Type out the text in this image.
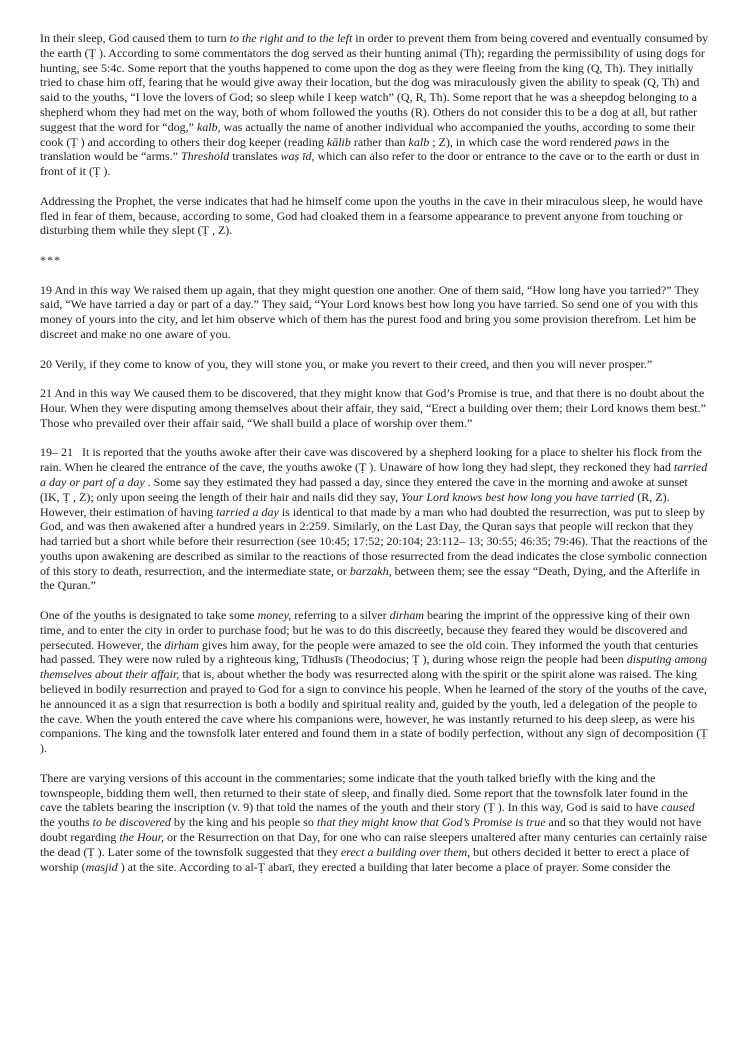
In their sleep, God caused them to turn to the right and to the left in order to prevent them from being covered and eventually consumed by the earth (Ṭ ). According to some commentators the dog served as their hunting animal (Th); regarding the permissibility of using dogs for hunting, see 5:4c. Some report that the youths happened to come upon the dog as they were fleeing from the king (Q, Th). They initially tried to chase him off, fearing that he would give away their location, but the dog was miraculously given the ability to speak (Q, Th) and said to the youths, “I love the lovers of God; so sleep while I keep watch” (Q, R, Th). Some report that he was a sheepdog belonging to a shepherd whom they had met on the way, both of whom followed the youths (R). Others do not consider this to be a dog at all, but rather suggest that the word for “dog,” kalb, was actually the name of another individual who accompanied the youths, according to some their cook (Ṭ ) and according to others their dog keeper (reading kālib rather than kalb ; Z), in which case the word rendered paws in the translation would be “arms.” Threshold translates waṣ īd, which can also refer to the door or entrance to the cave or to the earth or dust in front of it (Ṭ ).

Addressing the Prophet, the verse indicates that had he himself come upon the youths in the cave in their miraculous sleep, he would have fled in fear of them, because, according to some, God had cloaked them in a fearsome appearance to prevent anyone from touching or disturbing them while they slept (Ṭ , Z).

***

19 And in this way We raised them up again, that they might question one another. One of them said, “How long have you tarried?” They said, “We have tarried a day or part of a day.” They said, “Your Lord knows best how long you have tarried. So send one of you with this money of yours into the city, and let him observe which of them has the purest food and bring you some provision therefrom. Let him be discreet and make no one aware of you.

20 Verily, if they come to know of you, they will stone you, or make you revert to their creed, and then you will never prosper.”

21 And in this way We caused them to be discovered, that they might know that God’s Promise is true, and that there is no doubt about the Hour. When they were disputing among themselves about their affair, they said, “Erect a building over them; their Lord knows them best.” Those who prevailed over their affair said, “We shall build a place of worship over them.”

19– 21   It is reported that the youths awoke after their cave was discovered by a shepherd looking for a place to shelter his flock from the rain. When he cleared the entrance of the cave, the youths awoke (Ṭ ). Unaware of how long they had slept, they reckoned they had tarried a day or part of a day . Some say they estimated they had passed a day, since they entered the cave in the morning and awoke at sunset (IK, Ṭ , Z); only upon seeing the length of their hair and nails did they say, Your Lord knows best how long you have tarried (R, Z). However, their estimation of having tarried a day is identical to that made by a man who had doubted the resurrection, was put to sleep by God, and was then awakened after a hundred years in 2:259. Similarly, on the Last Day, the Quran says that people will reckon that they had tarried but a short while before their resurrection (see 10:45; 17:52; 20:104; 23:112– 13; 30:55; 46:35; 79:46). That the reactions of the youths upon awakening are described as similar to the reactions of those resurrected from the dead indicates the close symbolic connection of this story to death, resurrection, and the intermediate state, or barzakh, between them; see the essay “Death, Dying, and the Afterlife in the Quran.”

One of the youths is designated to take some money, referring to a silver dirham bearing the imprint of the oppressive king of their own time, and to enter the city in order to purchase food; but he was to do this discreetly, because they feared they would be discovered and persecuted. However, the dirham gives him away, for the people were amazed to see the old coin. They informed the youth that centuries had passed. They were now ruled by a righteous king, Tīdhusīs (Theodocius; Ṭ ), during whose reign the people had been disputing among themselves about their affair, that is, about whether the body was resurrected along with the spirit or the spirit alone was raised. The king believed in bodily resurrection and prayed to God for a sign to convince his people. When he learned of the story of the youths of the cave, he announced it as a sign that resurrection is both a bodily and spiritual reality and, guided by the youth, led a delegation of the people to the cave. When the youth entered the cave where his companions were, however, he was instantly returned to his deep sleep, as were his companions. The king and the townsfolk later entered and found them in a state of bodily perfection, without any sign of decomposition (Ṭ ).

There are varying versions of this account in the commentaries; some indicate that the youth talked briefly with the king and the townspeople, bidding them well, then returned to their state of sleep, and finally died. Some report that the townsfolk later found in the cave the tablets bearing the inscription (v. 9) that told the names of the youth and their story (Ṭ ). In this way, God is said to have caused the youths to be discovered by the king and his people so that they might know that God’s Promise is true and so that they would not have doubt regarding the Hour, or the Resurrection on that Day, for one who can raise sleepers unaltered after many centuries can certainly raise the dead (Ṭ ). Later some of the townsfolk suggested that they erect a building over them, but others decided it better to erect a place of worship (masjid ) at the site. According to al-Ṭ abarī, they erected a building that later become a place of prayer. Some consider the
